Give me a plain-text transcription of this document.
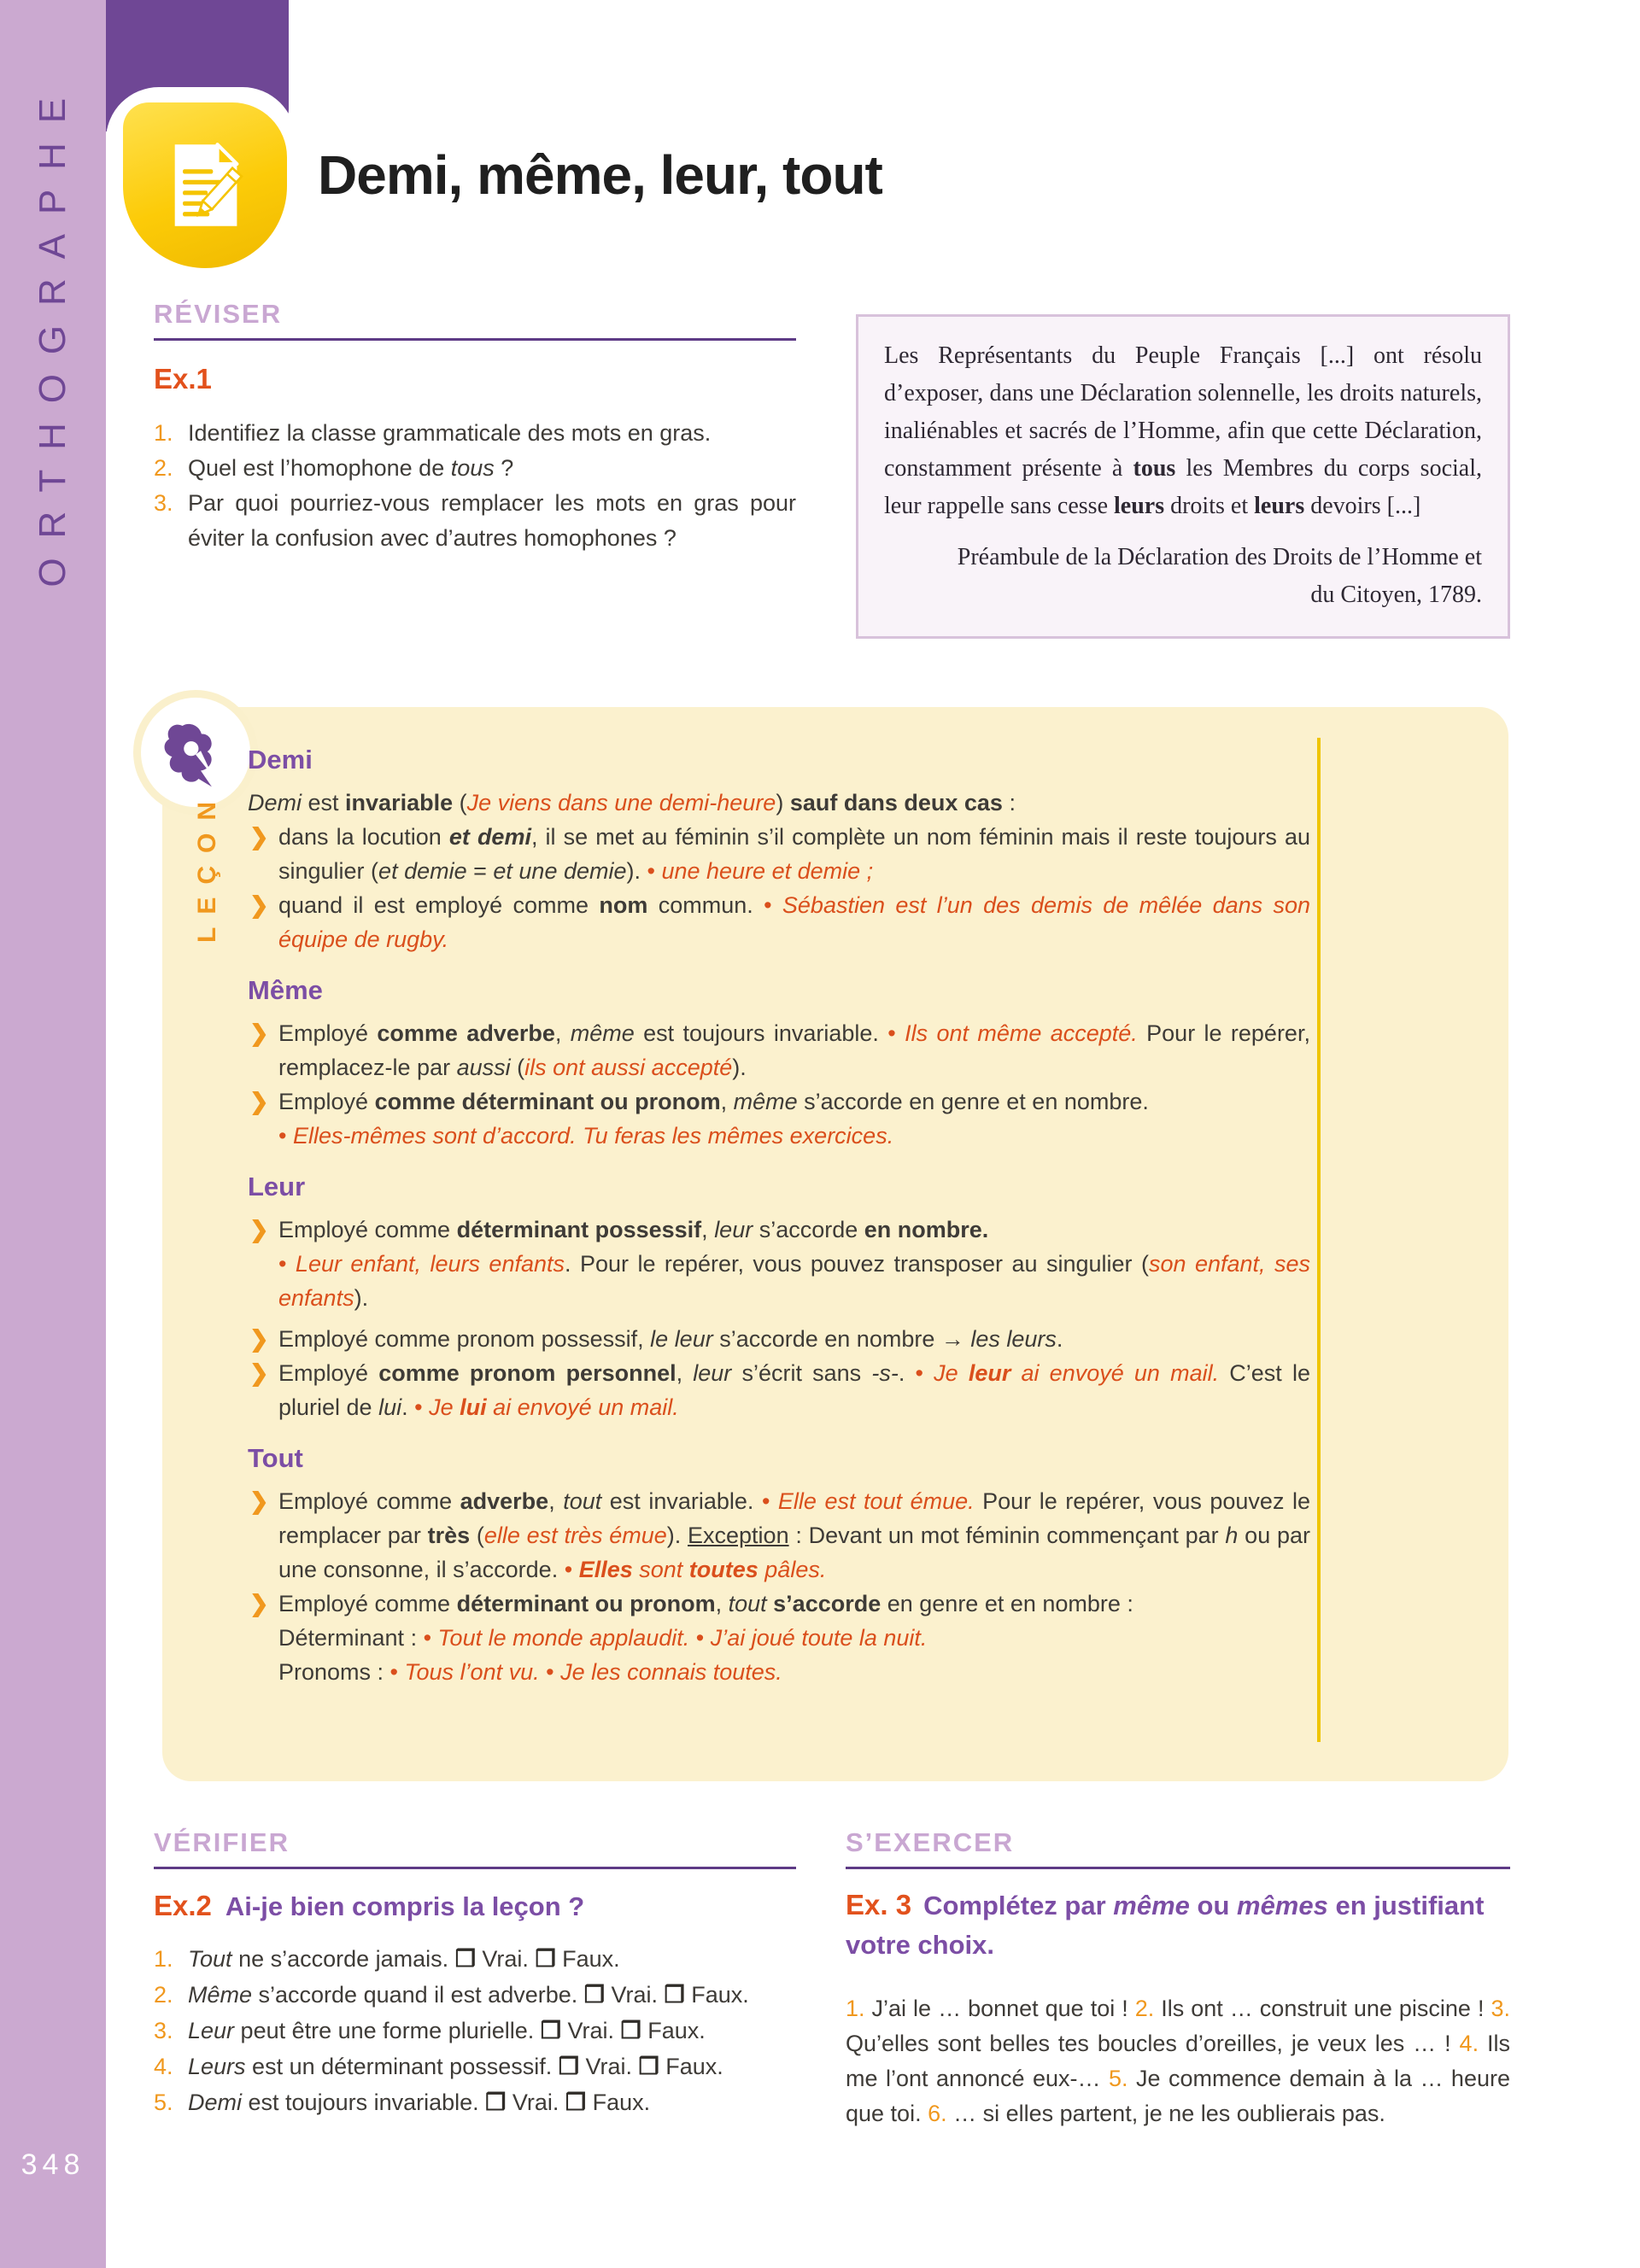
ORTHOGRAPHE
348
Demi, même, leur, tout
RÉVISER
Ex.1

1. Identifiez la classe grammaticale des mots en gras.

2. Quel est l’homophone de tous ?

3. Par quoi pourriez-vous remplacer les mots en gras pour éviter la confusion avec d’autres homophones ?

Les Représentants du Peuple Français [...] ont résolu d’exposer, dans une Déclaration solennelle, les droits naturels, inaliénables et sacrés de l’Homme, afin que cette Déclaration, constamment présente à tous les Membres du corps social, leur rappelle sans cesse leurs droits et leurs devoirs [...]
Préambule de la Déclaration des Droits de l’Homme et
du Citoyen, 1789.
LEÇON
Demi

Demi est invariable (Je viens dans une demi-heure) sauf dans deux cas :

❯ dans la locution et demi, il se met au féminin s’il complète un nom féminin mais il reste toujours au singulier (et demie = et une demie). • une heure et demie ;

❯ quand il est employé comme nom commun. • Sébastien est l’un des demis de mêlée dans son équipe de rugby.

Même
❯ Employé comme adverbe, même est toujours invariable. • Ils ont même accepté. Pour le repérer, remplacez-le par aussi (ils ont aussi accepté).

❯ Employé comme déterminant ou pronom, même s’accorde en genre et en nombre.

• Elles-mêmes sont d’accord. Tu feras les mêmes exercices.

Leur
❯ Employé comme déterminant possessif, leur s’accorde en nombre.

• Leur enfant, leurs enfants. Pour le repérer, vous pouvez transposer au singulier (son enfant, ses enfants).

❯ Employé comme pronom possessif, le leur s’accorde en nombre → les leurs.

❯ Employé comme pronom personnel, leur s’écrit sans -s-. • Je leur ai envoyé un mail. C’est le pluriel de lui. • Je lui ai envoyé un mail.

Tout
❯ Employé comme adverbe, tout est invariable. • Elle est tout émue. Pour le repérer, vous pouvez le remplacer par très (elle est très émue). Exception : Devant un mot féminin commençant par h ou par une consonne, il s’accorde. • Elles sont toutes pâles.

❯ Employé comme déterminant ou pronom, tout s’accorde en genre et en nombre :

Déterminant : • Tout le monde applaudit. • J’ai joué toute la nuit.

Pronoms : • Tous l’ont vu. • Je les connais toutes.

VÉRIFIER
Ex.2 Ai-je bien compris la leçon ?

1. Tout ne s’accorde jamais. ❒ Vrai. ❒ Faux.

2. Même s’accorde quand il est adverbe. ❒ Vrai. ❒ Faux.

3. Leur peut être une forme plurielle. ❒ Vrai. ❒ Faux.

4. Leurs est un déterminant possessif. ❒ Vrai. ❒ Faux.

5. Demi est toujours invariable. ❒ Vrai. ❒ Faux.

S’EXERCER
Ex. 3 Complétez par même ou mêmes en justifiant votre choix.

1. J’ai le … bonnet que toi ! 2. Ils ont … construit une piscine ! 3. Qu’elles sont belles tes boucles d’oreilles, je veux les … ! 4. Ils me l’ont annoncé eux-… 5. Je commence demain à la … heure que toi. 6. … si elles partent, je ne les oublierais pas.
